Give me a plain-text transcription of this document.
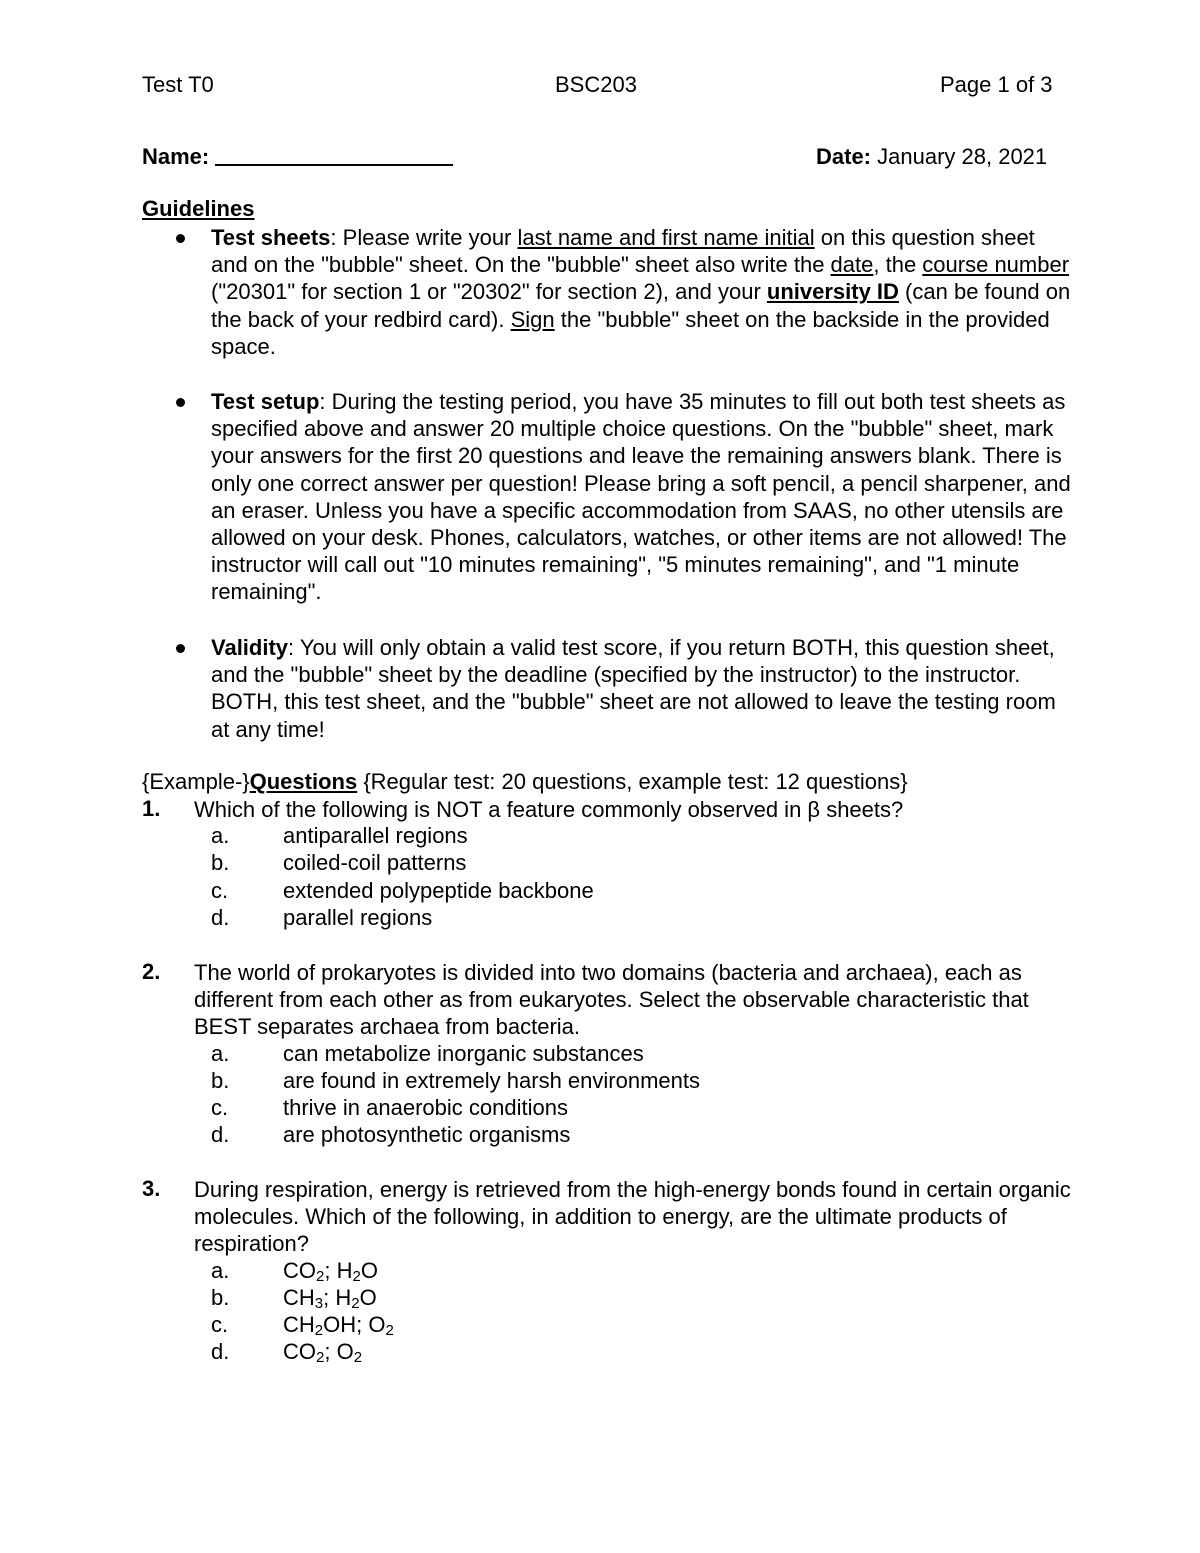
Test T0	BSC203	Page 1 of 3
Name:	Date: January 28, 2021
Guidelines
Test sheets: Please write your last name and first name initial on this question sheet and on the "bubble" sheet. On the "bubble" sheet also write the date, the course number ("20301" for section 1 or "20302" for section 2), and your university ID (can be found on the back of your redbird card). Sign the "bubble" sheet on the backside in the provided space.
Test setup: During the testing period, you have 35 minutes to fill out both test sheets as specified above and answer 20 multiple choice questions. On the "bubble" sheet, mark your answers for the first 20 questions and leave the remaining answers blank. There is only one correct answer per question! Please bring a soft pencil, a pencil sharpener, and an eraser. Unless you have a specific accommodation from SAAS, no other utensils are allowed on your desk. Phones, calculators, watches, or other items are not allowed! The instructor will call out "10 minutes remaining", "5 minutes remaining", and "1 minute remaining".
Validity: You will only obtain a valid test score, if you return BOTH, this question sheet, and the "bubble" sheet by the deadline (specified by the instructor) to the instructor. BOTH, this test sheet, and the "bubble" sheet are not allowed to leave the testing room at any time!
{Example-}Questions {Regular test: 20 questions, example test: 12 questions}
1. Which of the following is NOT a feature commonly observed in β sheets?
a. antiparallel regions
b. coiled-coil patterns
c. extended polypeptide backbone
d. parallel regions
2. The world of prokaryotes is divided into two domains (bacteria and archaea), each as different from each other as from eukaryotes. Select the observable characteristic that BEST separates archaea from bacteria.
a. can metabolize inorganic substances
b. are found in extremely harsh environments
c. thrive in anaerobic conditions
d. are photosynthetic organisms
3. During respiration, energy is retrieved from the high-energy bonds found in certain organic molecules. Which of the following, in addition to energy, are the ultimate products of respiration?
a. $CO_2$; $H_2O$
b. $CH_3$; $H_2O$
c. $CH_2OH$; $O_2$
d. $CO_2$; $O_2$
